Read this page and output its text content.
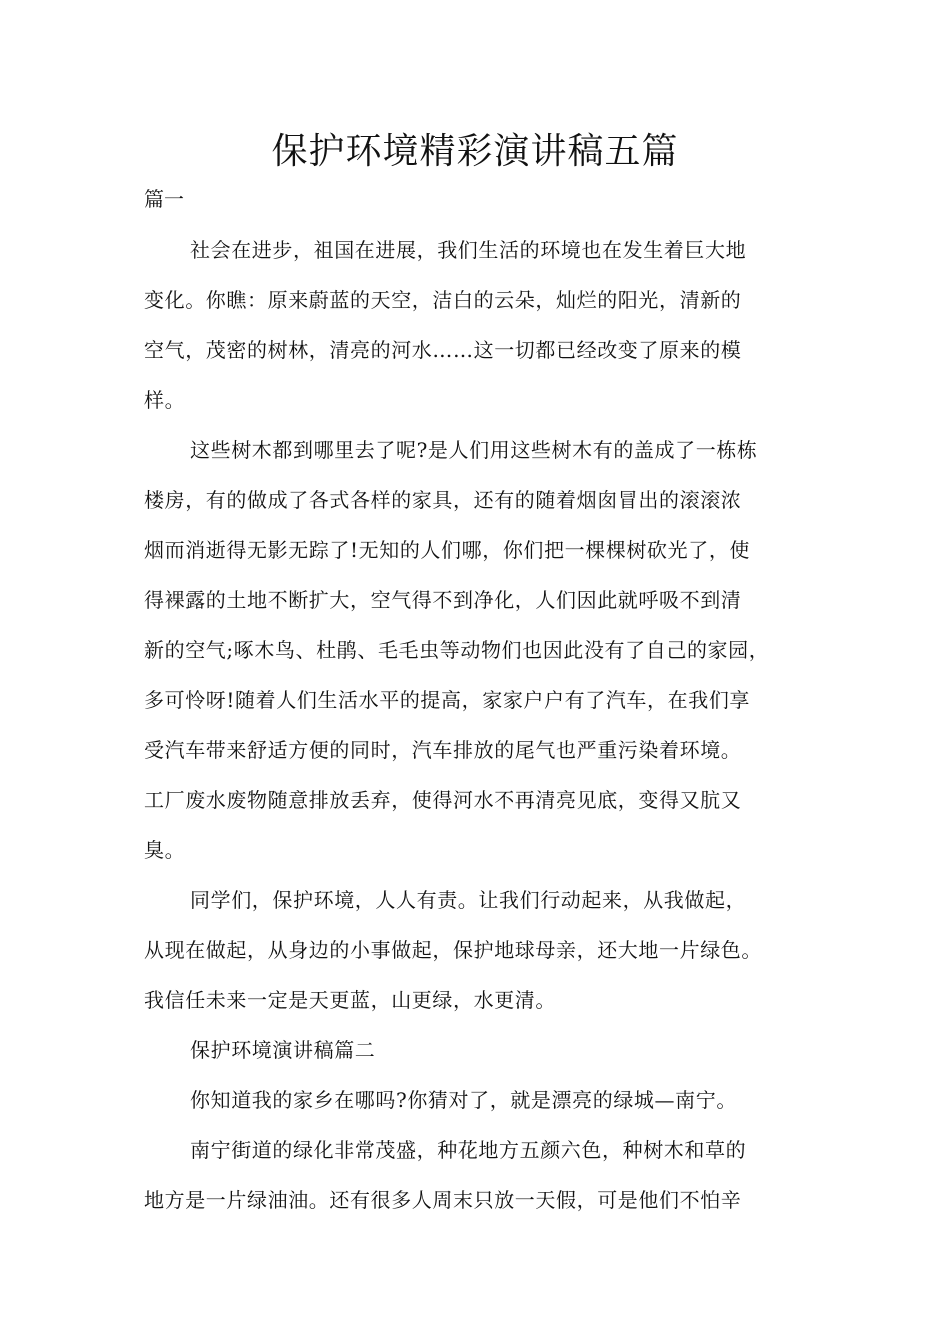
保护环境精彩演讲稿五篇

篇一

社会在进步，祖国在进展，我们生活的环境也在发生着巨大地
变化。你瞧：原来蔚蓝的天空，洁白的云朵，灿烂的阳光，清新的
空气，茂密的树林，清亮的河水……这一切都已经改变了原来的模
样。
这些树木都到哪里去了呢?是人们用这些树木有的盖成了一栋栋
楼房，有的做成了各式各样的家具，还有的随着烟囱冒出的滚滚浓
烟而消逝得无影无踪了!无知的人们哪，你们把一棵棵树砍光了，使
得裸露的土地不断扩大，空气得不到净化，人们因此就呼吸不到清
新的空气;啄木鸟、杜鹃、毛毛虫等动物们也因此没有了自己的家园，
多可怜呀!随着人们生活水平的提高，家家户户有了汽车，在我们享
受汽车带来舒适方便的同时，汽车排放的尾气也严重污染着环境。
工厂废水废物随意排放丢弃，使得河水不再清亮见底，变得又肮又
臭。
同学们，保护环境，人人有责。让我们行动起来，从我做起，
从现在做起，从身边的小事做起，保护地球母亲，还大地一片绿色。
我信任未来一定是天更蓝，山更绿，水更清。
保护环境演讲稿篇二
你知道我的家乡在哪吗?你猜对了，就是漂亮的绿城—南宁。
南宁街道的绿化非常茂盛，种花地方五颜六色，种树木和草的
地方是一片绿油油。还有很多人周末只放一天假，可是他们不怕辛
